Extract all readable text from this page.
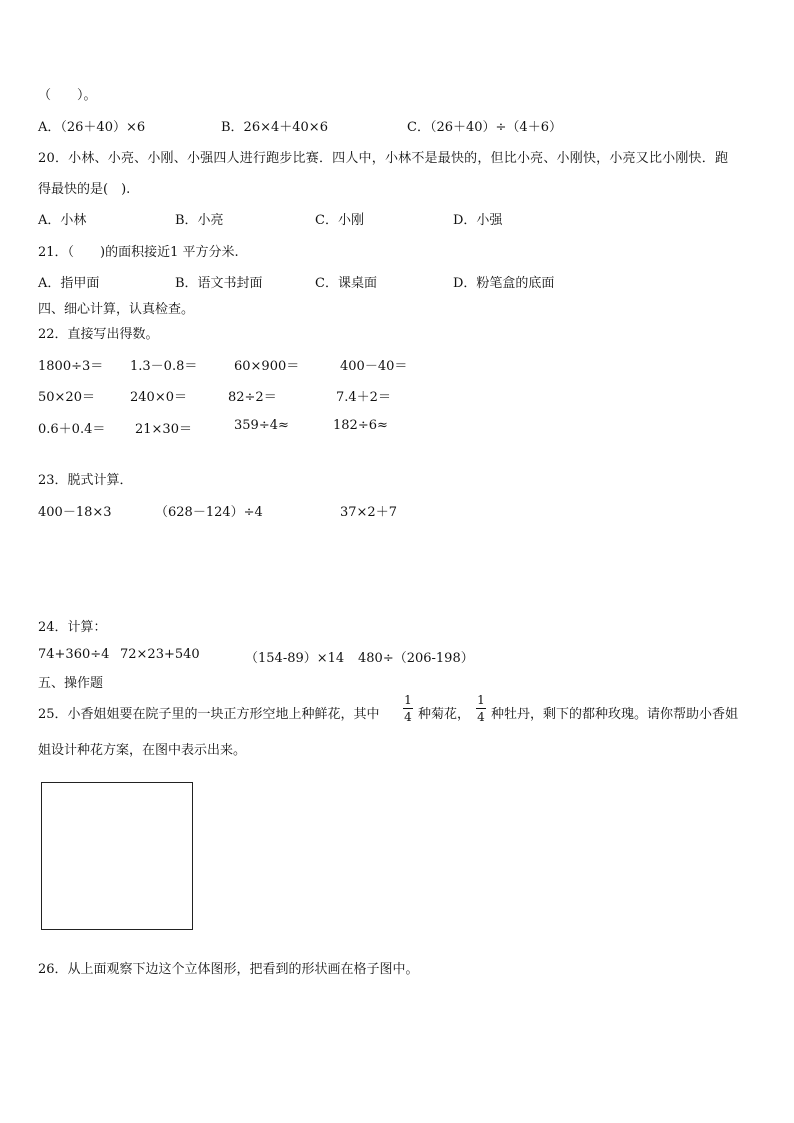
（　　）。
A．（26＋40）×6	B．26×4＋40×6	C．（26＋40）÷（4＋6）
20．小林、小亮、小刚、小强四人进行跑步比赛．四人中，小林不是最快的，但比小亮、小刚快，小亮又比小刚快．跑
得最快的是(　).
A．小林	B．小亮	C．小刚	D．小强
21．（　　)的面积接近1 平方分米.
A．指甲面	B．语文书封面	C．课桌面	D．粉笔盒的底面
四、细心计算，认真检查。
22．直接写出得数。
1800÷3＝ 1.3－0.8＝	60×900＝	400－40＝
50×20＝	240×0＝	82÷2＝	7.4＋2＝
0.6＋0.4＝ 21×30＝	359÷4≈	182÷6≈
23．脱式计算．
400－18×3	（628－124）÷4	37×2＋7
24．计算：
74+360÷4 72×23+540	（154-89）×14 480÷（206-198）
五、操作题
25．小香姐姐要在院子里的一块正方形空地上种鲜花，其中
1
4 种菊花，
1
4 种牡丹，剩下的都种玫瑰。请你帮助小香姐
姐设计种花方案，在图中表示出来。
26．从上面观察下边这个立体图形，把看到的形状画在格子图中。
